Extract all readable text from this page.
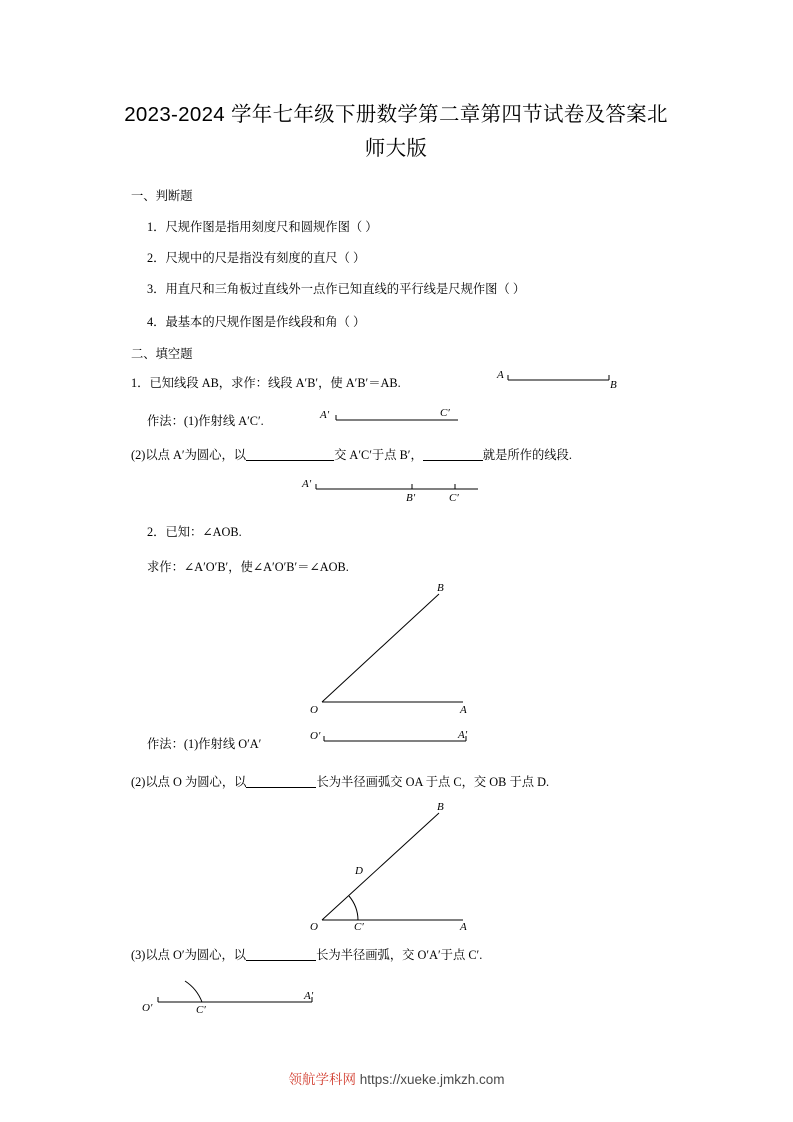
2023-2024 学年七年级下册数学第二章第四节试卷及答案北
师大版
一、判断题
1．尺规作图是指用刻度尺和圆规作图（ ）
2．尺规中的尺是指没有刻度的直尺（ ）
3．用直尺和三角板过直线外一点作已知直线的平行线是尺规作图（ ）
4．最基本的尺规作图是作线段和角（ ）
二、填空题
1．已知线段 AB，求作：线段 A′B′，使 A′B′＝AB.
A
B
作法：(1)作射线 A′C′.	A′	C′
(2)以点 A′为圆心，以	交 A′C′于点 B′，	就是所作的线段.
A′
B′	C′
2．已知：∠AOB.
求作：∠A′O′B′，使∠A′O′B′＝∠AOB.
O	A
B
作法：(1)作射线 O′A′
O′	A′
(2)以点 O 为圆心，以	长为半径画弧交 OA 于点 C，交 OB 于点 D.
O	A
B
D
C′
(3)以点 O′为圆心，以	长为半径画弧，交 O′A′于点 C′.
O′	C′
A′
领航学科网 https://xueke.jmkzh.com
